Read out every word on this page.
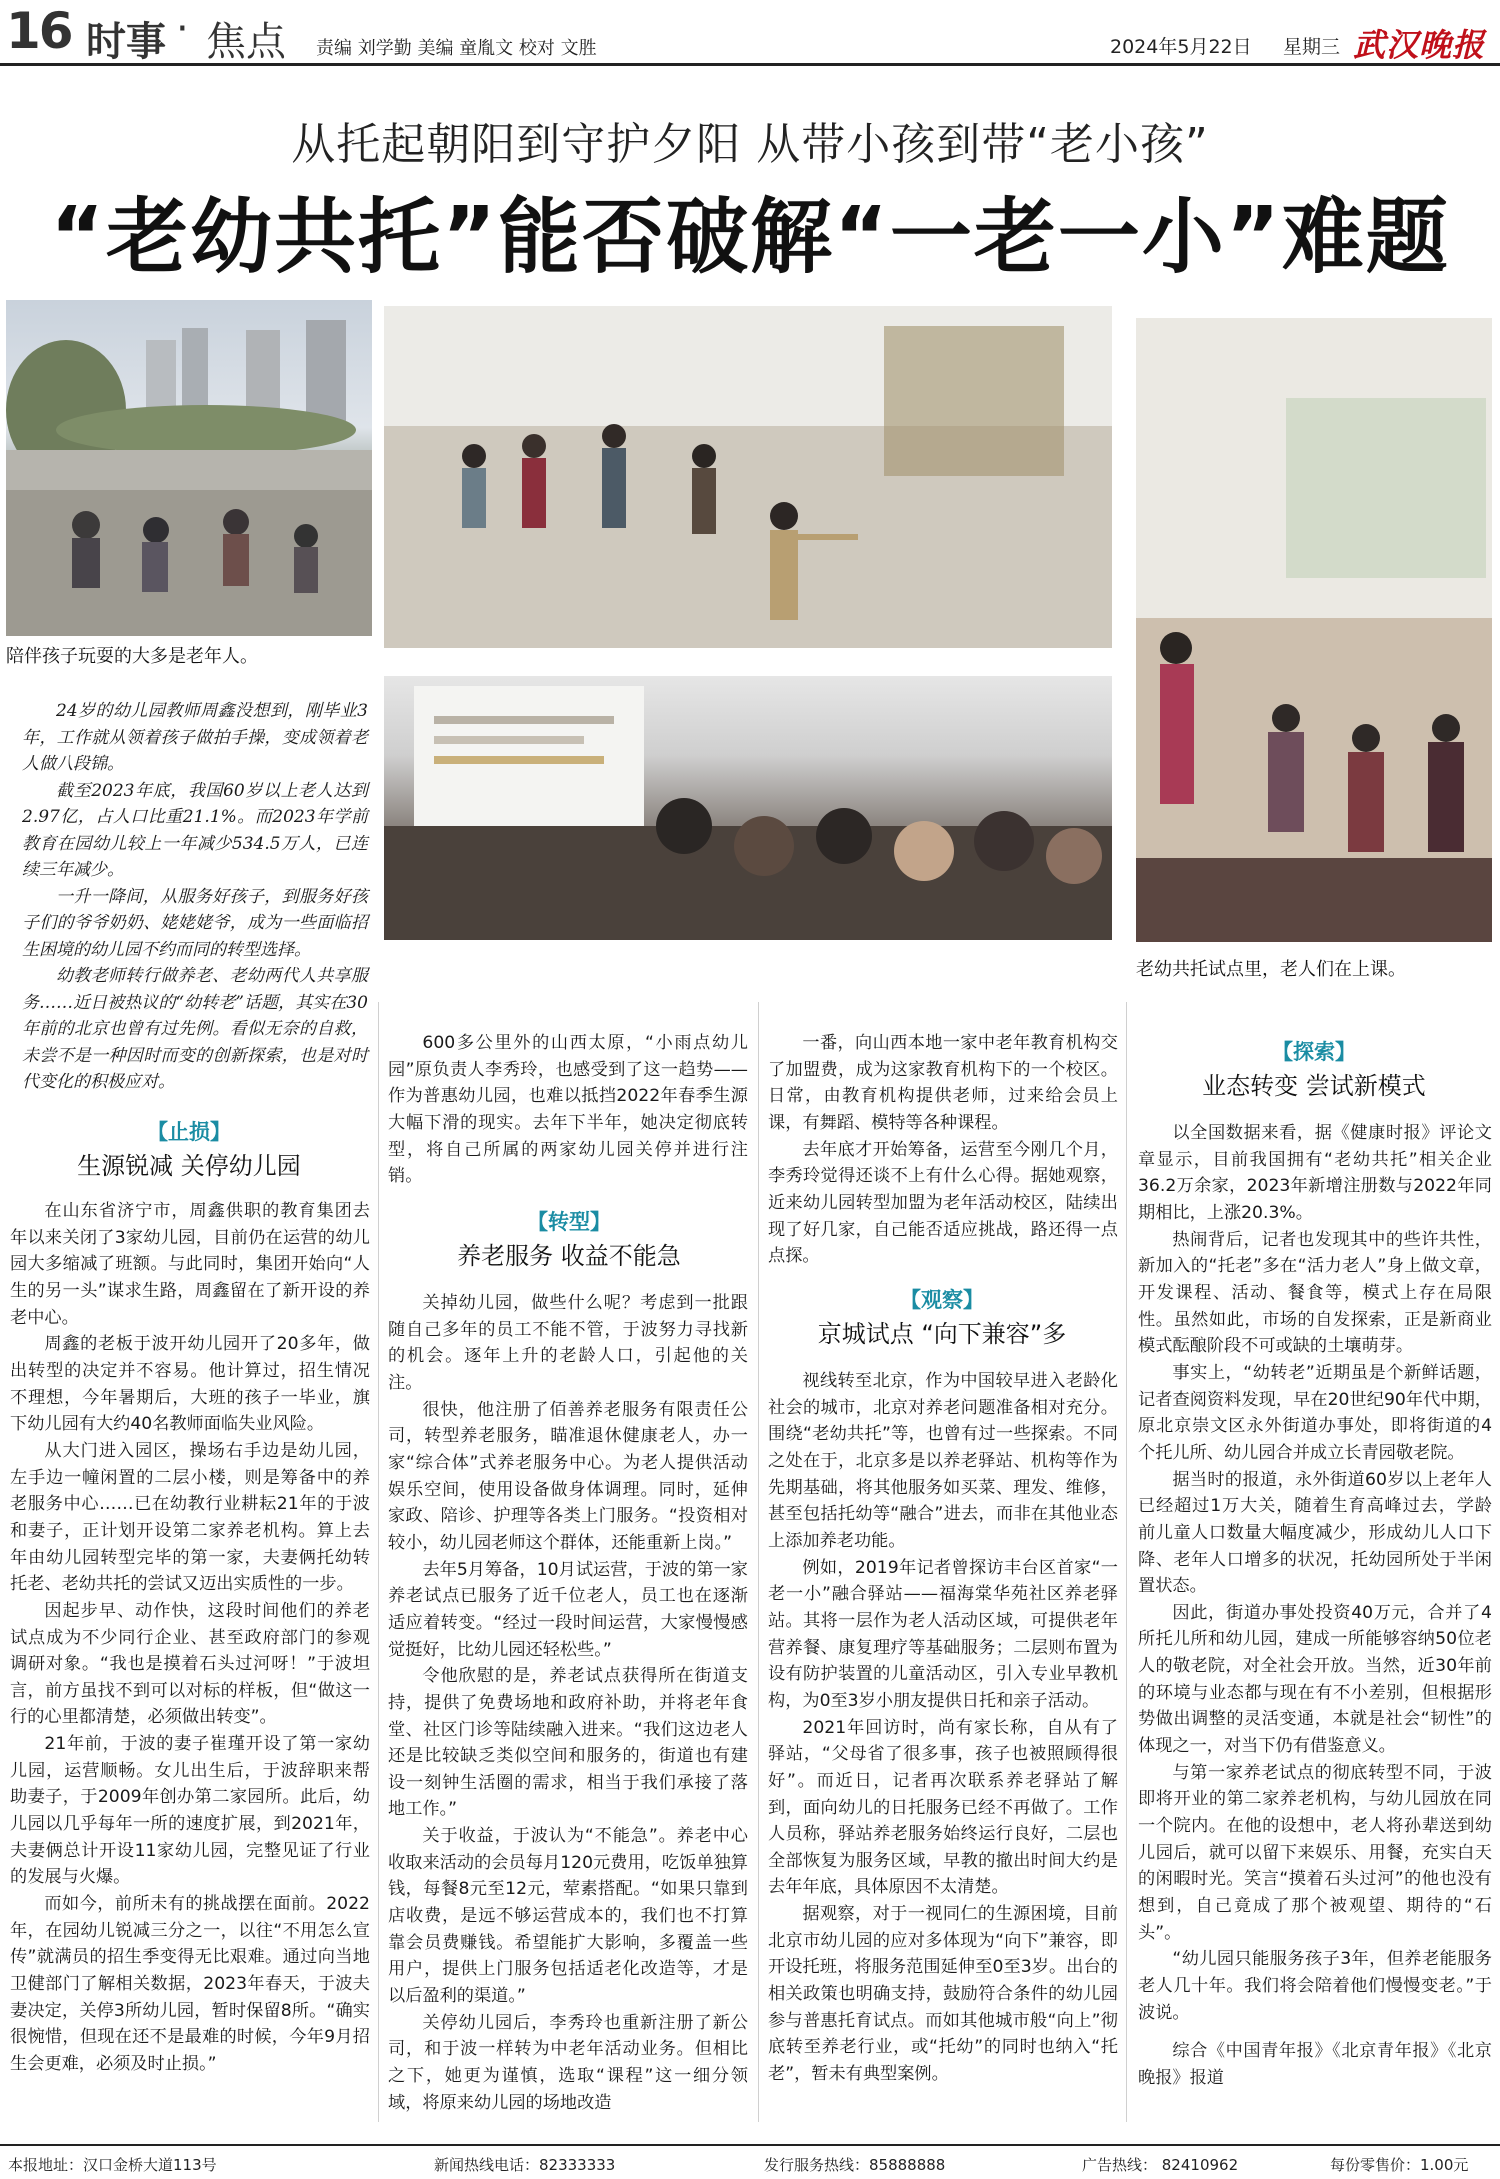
16 时事 · 焦点 责编 刘学勤 美编 童胤文 校对 文胜	2024年5月22日 星期三 武汉晚报
从托起朝阳到守护夕阳 从带小孩到带“老小孩”
“老幼共托”能否破解“一老一小”难题
陪伴孩子玩耍的大多是老年人。
老幼共托试点里，老人们在上课。

24岁的幼儿园教师周鑫没想到，刚毕业3年，工作就从领着孩子做拍手操，变成领着老人做八段锦。

截至2023年底，我国60岁以上老人达到2.97亿，占人口比重21.1%。而2023年学前教育在园幼儿较上一年减少534.5万人，已连续三年减少。

一升一降间，从服务好孩子，到服务好孩子们的爷爷奶奶、姥姥姥爷，成为一些面临招生困境的幼儿园不约而同的转型选择。

幼教老师转行做养老、老幼两代人共享服务……近日被热议的“幼转老”话题，其实在30年前的北京也曾有过先例。看似无奈的自救，未尝不是一种因时而变的创新探索，也是对时代变化的积极应对。

【止损】
生源锐减 关停幼儿园

在山东省济宁市，周鑫供职的教育集团去年以来关闭了3家幼儿园，目前仍在运营的幼儿园大多缩减了班额。与此同时，集团开始向“人生的另一头”谋求生路，周鑫留在了新开设的养老中心。

周鑫的老板于波开幼儿园开了20多年，做出转型的决定并不容易。他计算过，招生情况不理想，今年暑期后，大班的孩子一毕业，旗下幼儿园有大约40名教师面临失业风险。

从大门进入园区，操场右手边是幼儿园，左手边一幢闲置的二层小楼，则是筹备中的养老服务中心……已在幼教行业耕耘21年的于波和妻子，正计划开设第二家养老机构。算上去年由幼儿园转型完毕的第一家，夫妻俩托幼转托老、老幼共托的尝试又迈出实质性的一步。

因起步早、动作快，这段时间他们的养老试点成为不少同行企业、甚至政府部门的参观调研对象。“我也是摸着石头过河呀！”于波坦言，前方虽找不到可以对标的样板，但“做这一行的心里都清楚，必须做出转变”。

21年前，于波的妻子崔瑾开设了第一家幼儿园，运营顺畅。女儿出生后，于波辞职来帮助妻子，于2009年创办第二家园所。此后，幼儿园以几乎每年一所的速度扩展，到2021年，夫妻俩总计开设11家幼儿园，完整见证了行业的发展与火爆。

而如今，前所未有的挑战摆在面前。2022年，在园幼儿锐减三分之一，以往“不用怎么宣传”就满员的招生季变得无比艰难。通过向当地卫健部门了解相关数据，2023年春天，于波夫妻决定，关停3所幼儿园，暂时保留8所。“确实很惋惜，但现在还不是最难的时候，今年9月招生会更难，必须及时止损。”

600多公里外的山西太原，“小雨点幼儿园”原负责人李秀玲，也感受到了这一趋势——作为普惠幼儿园，也难以抵挡2022年春季生源大幅下滑的现实。去年下半年，她决定彻底转型，将自己所属的两家幼儿园关停并进行注销。

【转型】
养老服务 收益不能急

关掉幼儿园，做些什么呢？考虑到一批跟随自己多年的员工不能不管，于波努力寻找新的机会。逐年上升的老龄人口，引起他的关注。

很快，他注册了佰善养老服务有限责任公司，转型养老服务，瞄准退休健康老人，办一家“综合体”式养老服务中心。为老人提供活动娱乐空间，使用设备做身体调理。同时，延伸家政、陪诊、护理等各类上门服务。“投资相对较小，幼儿园老师这个群体，还能重新上岗。”

去年5月筹备，10月试运营，于波的第一家养老试点已服务了近千位老人，员工也在逐渐适应着转变。“经过一段时间运营，大家慢慢感觉挺好，比幼儿园还轻松些。”

令他欣慰的是，养老试点获得所在街道支持，提供了免费场地和政府补助，并将老年食堂、社区门诊等陆续融入进来。“我们这边老人还是比较缺乏类似空间和服务的，街道也有建设一刻钟生活圈的需求，相当于我们承接了落地工作。”

关于收益，于波认为“不能急”。养老中心收取来活动的会员每月120元费用，吃饭单独算钱，每餐8元至12元，荤素搭配。“如果只靠到店收费，是远不够运营成本的，我们也不打算靠会员费赚钱。希望能扩大影响，多覆盖一些用户，提供上门服务包括适老化改造等，才是以后盈利的渠道。”

关停幼儿园后，李秀玲也重新注册了新公司，和于波一样转为中老年活动业务。但相比之下，她更为谨慎，选取“课程”这一细分领域，将原来幼儿园的场地改造

一番，向山西本地一家中老年教育机构交了加盟费，成为这家教育机构下的一个校区。日常，由教育机构提供老师，过来给会员上课，有舞蹈、模特等各种课程。

去年底才开始筹备，运营至今刚几个月，李秀玲觉得还谈不上有什么心得。据她观察，近来幼儿园转型加盟为老年活动校区，陆续出现了好几家，自己能否适应挑战，路还得一点点探。

【观察】
京城试点 “向下兼容”多

视线转至北京，作为中国较早进入老龄化社会的城市，北京对养老问题准备相对充分。围绕“老幼共托”等，也曾有过一些探索。不同之处在于，北京多是以养老驿站、机构等作为先期基础，将其他服务如买菜、理发、维修，甚至包括托幼等“融合”进去，而非在其他业态上添加养老功能。

例如，2019年记者曾探访丰台区首家“一老一小”融合驿站——福海棠华苑社区养老驿站。其将一层作为老人活动区域，可提供老年营养餐、康复理疗等基础服务；二层则布置为设有防护装置的儿童活动区，引入专业早教机构，为0至3岁小朋友提供日托和亲子活动。

2021年回访时，尚有家长称，自从有了驿站，“父母省了很多事，孩子也被照顾得很好”。而近日，记者再次联系养老驿站了解到，面向幼儿的日托服务已经不再做了。工作人员称，驿站养老服务始终运行良好，二层也全部恢复为服务区域，早教的撤出时间大约是去年年底，具体原因不太清楚。

据观察，对于一视同仁的生源困境，目前北京市幼儿园的应对多体现为“向下”兼容，即开设托班，将服务范围延伸至0至3岁。出台的相关政策也明确支持，鼓励符合条件的幼儿园参与普惠托育试点。而如其他城市般“向上”彻底转至养老行业，或“托幼”的同时也纳入“托老”，暂未有典型案例。

【探索】
业态转变 尝试新模式

以全国数据来看，据《健康时报》评论文章显示，目前我国拥有“老幼共托”相关企业36.2万余家，2023年新增注册数与2022年同期相比，上涨20.3%。

热闹背后，记者也发现其中的些许共性，新加入的“托老”多在“活力老人”身上做文章，开发课程、活动、餐食等，模式上存在局限性。虽然如此，市场的自发探索，正是新商业模式酝酿阶段不可或缺的土壤萌芽。

事实上，“幼转老”近期虽是个新鲜话题，记者查阅资料发现，早在20世纪90年代中期，原北京崇文区永外街道办事处，即将街道的4个托儿所、幼儿园合并成立长青园敬老院。

据当时的报道，永外街道60岁以上老年人已经超过1万大关，随着生育高峰过去，学龄前儿童人口数量大幅度减少，形成幼儿人口下降、老年人口增多的状况，托幼园所处于半闲置状态。

因此，街道办事处投资40万元，合并了4所托儿所和幼儿园，建成一所能够容纳50位老人的敬老院，对全社会开放。当然，近30年前的环境与业态都与现在有不小差别，但根据形势做出调整的灵活变通，本就是社会“韧性”的体现之一，对当下仍有借鉴意义。

与第一家养老试点的彻底转型不同，于波即将开业的第二家养老机构，与幼儿园放在同一个院内。在他的设想中，老人将孙辈送到幼儿园后，就可以留下来娱乐、用餐，充实白天的闲暇时光。笑言“摸着石头过河”的他也没有想到，自己竟成了那个被观望、期待的“石头”。

“幼儿园只能服务孩子3年，但养老能服务老人几十年。我们将会陪着他们慢慢变老。”于波说。

综合《中国青年报》《北京青年报》《北京晚报》报道

本报地址：汉口金桥大道113号	新闻热线电话：82333333	发行服务热线：85888888	广告热线： 82410962	每份零售价：1.00元
